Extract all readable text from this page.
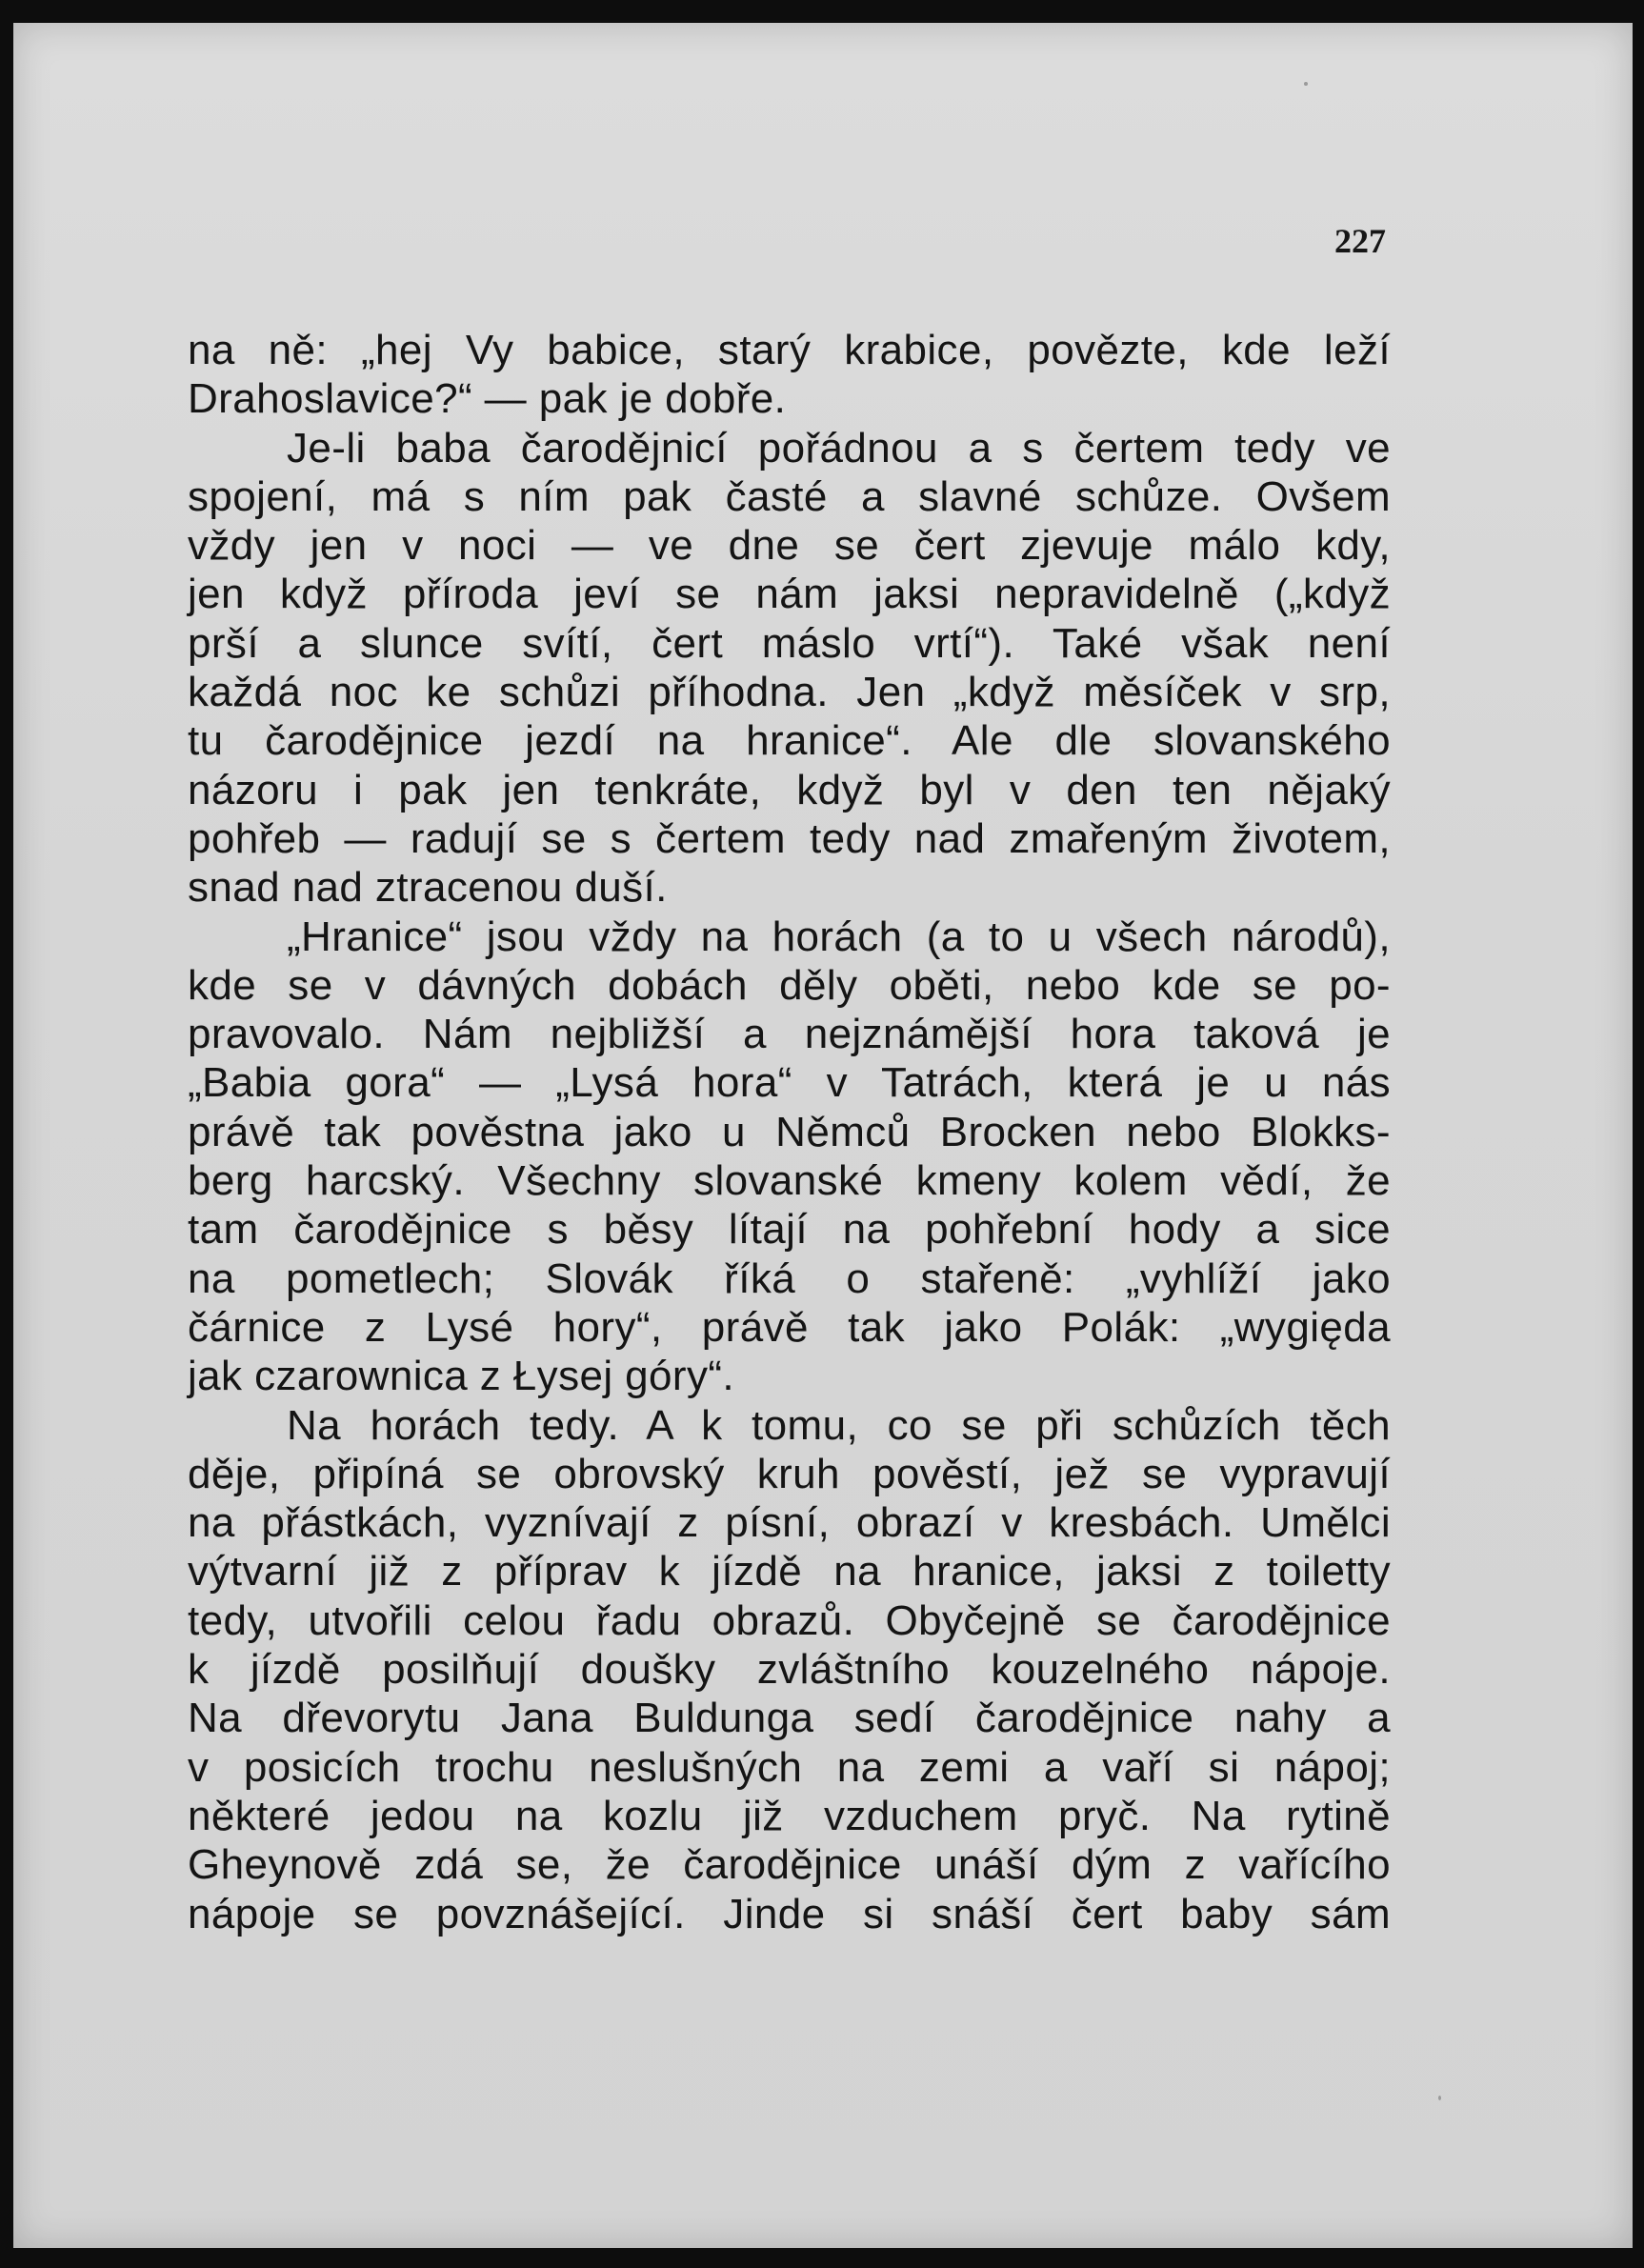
227
na ně: „hej Vy babice, starý krabice, povězte, kde leží
Drahoslavice?“ — pak je dobře.
Je-li baba čarodějnicí pořádnou a s čertem tedy ve
spojení, má s ním pak časté a slavné schůze. Ovšem
vždy jen v noci — ve dne se čert zjevuje málo kdy,
jen když příroda jeví se nám jaksi nepravidelně („když
prší a slunce svítí, čert máslo vrtí“). Také však není
každá noc ke schůzi příhodna. Jen „když měsíček v srp,
tu čarodějnice jezdí na hranice“. Ale dle slovanského
názoru i pak jen tenkráte, když byl v den ten nějaký
pohřeb — radují se s čertem tedy nad zmařeným životem,
snad nad ztracenou duší.
„Hranice“ jsou vždy na horách (a to u všech národů),
kde se v dávných dobách děly oběti, nebo kde se po-
pravovalo. Nám nejbližší a nejznámější hora taková je
„Babia gora“ — „Lysá hora“ v Tatrách, která je u nás
právě tak pověstna jako u Němců Brocken nebo Blokks-
berg harcský. Všechny slovanské kmeny kolem vědí, že
tam čarodějnice s běsy lítají na pohřební hody a sice
na pometlech; Slovák říká o stařeně: „vyhlíží jako
čárnice z Lysé hory“, právě tak jako Polák: „wygięda
jak czarownica z Łysej góry“.
Na horách tedy. A k tomu, co se při schůzích těch
děje, připíná se obrovský kruh pověstí, jež se vypravují
na přástkách, vyznívají z písní, obrazí v kresbách. Umělci
výtvarní již z příprav k jízdě na hranice, jaksi z toiletty
tedy, utvořili celou řadu obrazů. Obyčejně se čarodějnice
k jízdě posilňují doušky zvláštního kouzelného nápoje.
Na dřevorytu Jana Buldunga sedí čarodějnice nahy a
v posicích trochu neslušných na zemi a vaří si nápoj;
některé jedou na kozlu již vzduchem pryč. Na rytině
Gheynově zdá se, že čarodějnice unáší dým z vařícího
nápoje se povznášející. Jinde si snáší čert baby sám
